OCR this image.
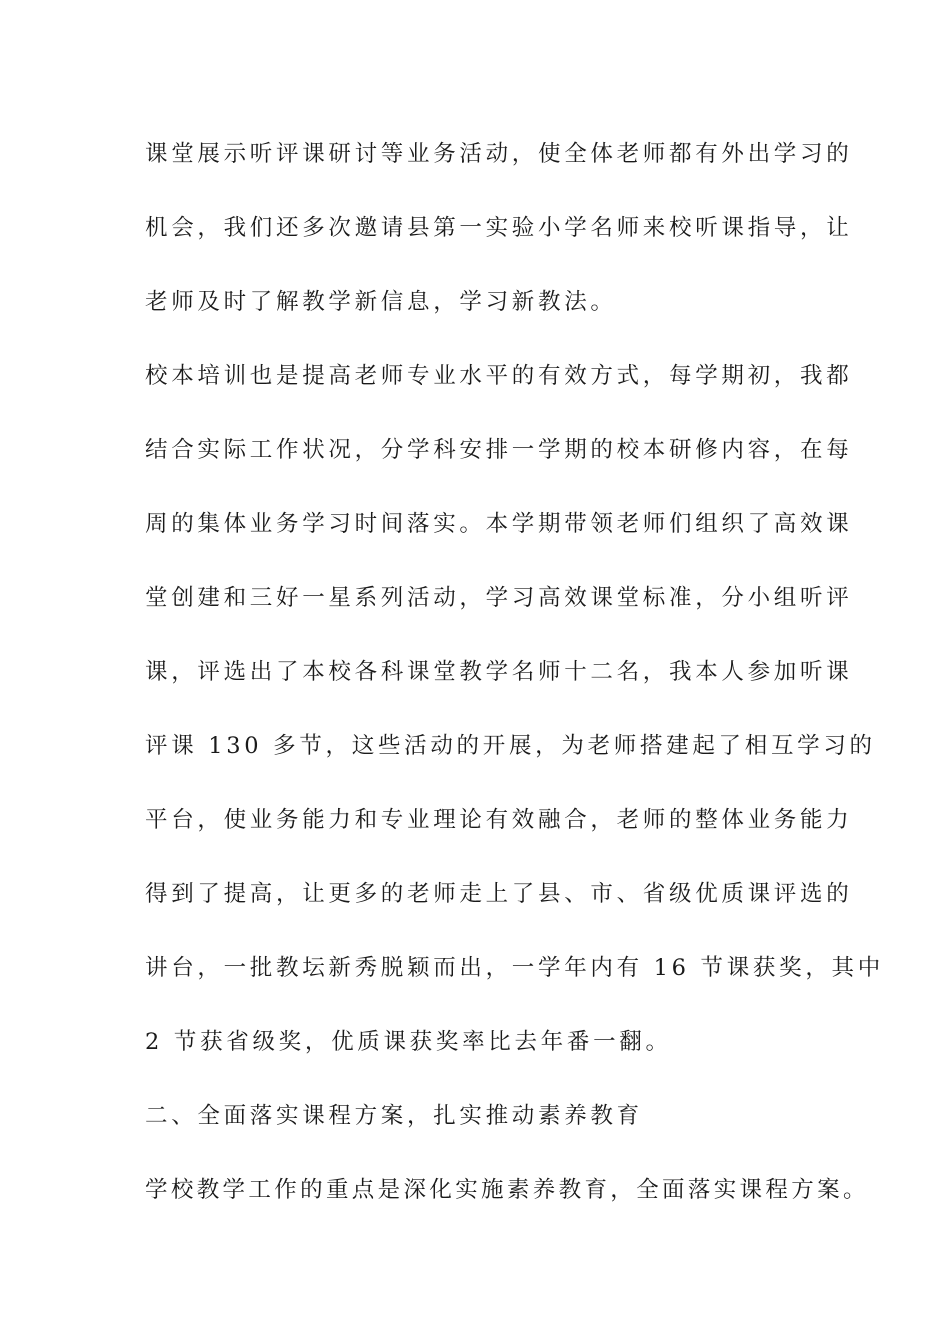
课堂展示听评课研讨等业务活动，使全体老师都有外出学习的
机会，我们还多次邀请县第一实验小学名师来校听课指导，让
老师及时了解教学新信息，学习新教法。
校本培训也是提高老师专业水平的有效方式，每学期初，我都
结合实际工作状况，分学科安排一学期的校本研修内容，在每
周的集体业务学习时间落实。本学期带领老师们组织了高效课
堂创建和三好一星系列活动，学习高效课堂标准，分小组听评
课，评选出了本校各科课堂教学名师十二名，我本人参加听课
评课 130 多节，这些活动的开展，为老师搭建起了相互学习的
平台，使业务能力和专业理论有效融合，老师的整体业务能力
得到了提高，让更多的老师走上了县、市、省级优质课评选的
讲台，一批教坛新秀脱颖而出，一学年内有 16 节课获奖，其中
2 节获省级奖，优质课获奖率比去年番一翻。
二、全面落实课程方案，扎实推动素养教育
学校教学工作的重点是深化实施素养教育，全面落实课程方案。
